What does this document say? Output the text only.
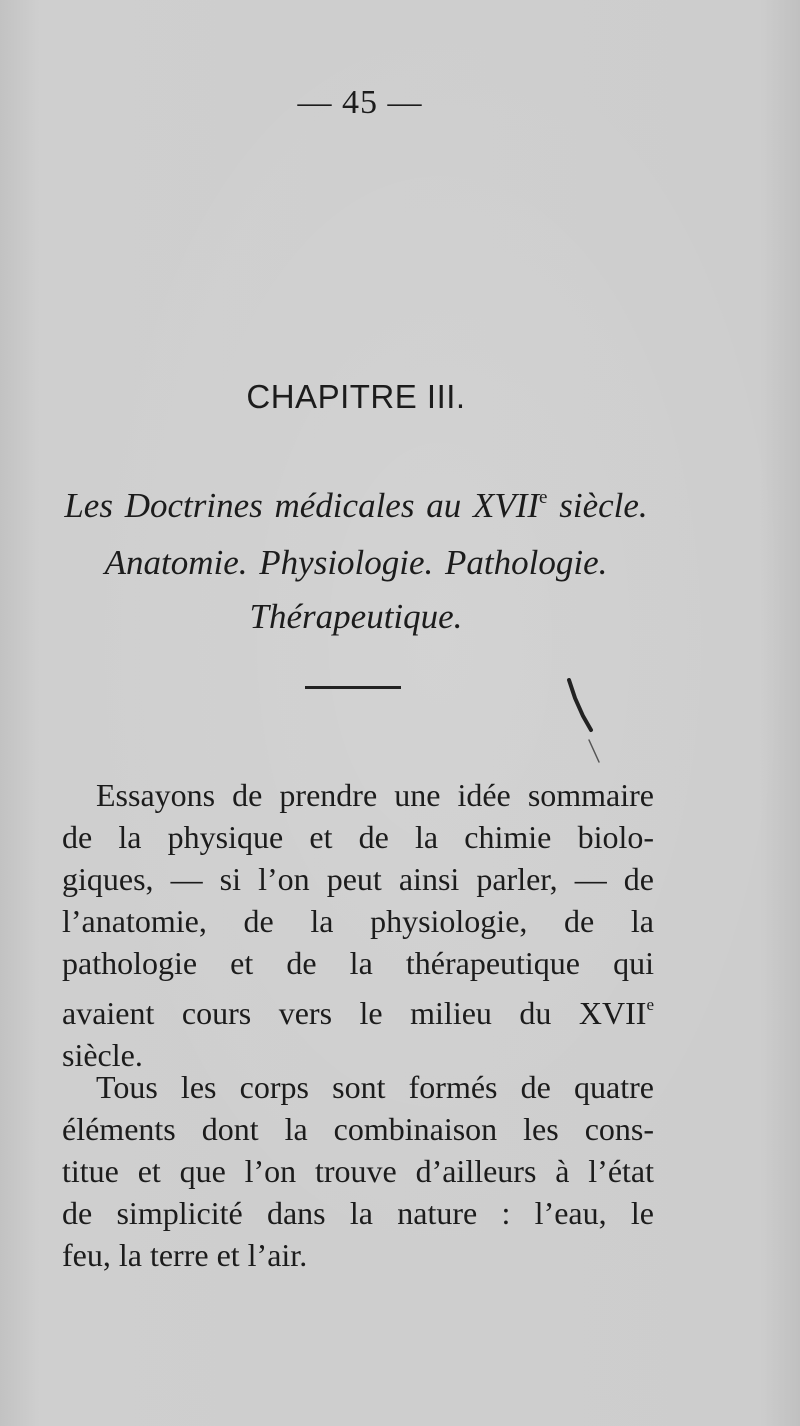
— 45 —
CHAPITRE III.
Les Doctrines médicales au XVIIe siècle.
Anatomie. Physiologie. Pathologie.
Thérapeutique.
Essayons de prendre une idée sommaire
de la physique et de la chimie biolo-
giques, — si l’on peut ainsi parler, — de
l’anatomie, de la physiologie, de la
pathologie et de la thérapeutique qui
avaient cours vers le milieu du XVIIe
siècle.
Tous les corps sont formés de quatre
éléments dont la combinaison les cons-
titue et que l’on trouve d’ailleurs à l’état
de simplicité dans la nature : l’eau, le
feu, la terre et l’air.
